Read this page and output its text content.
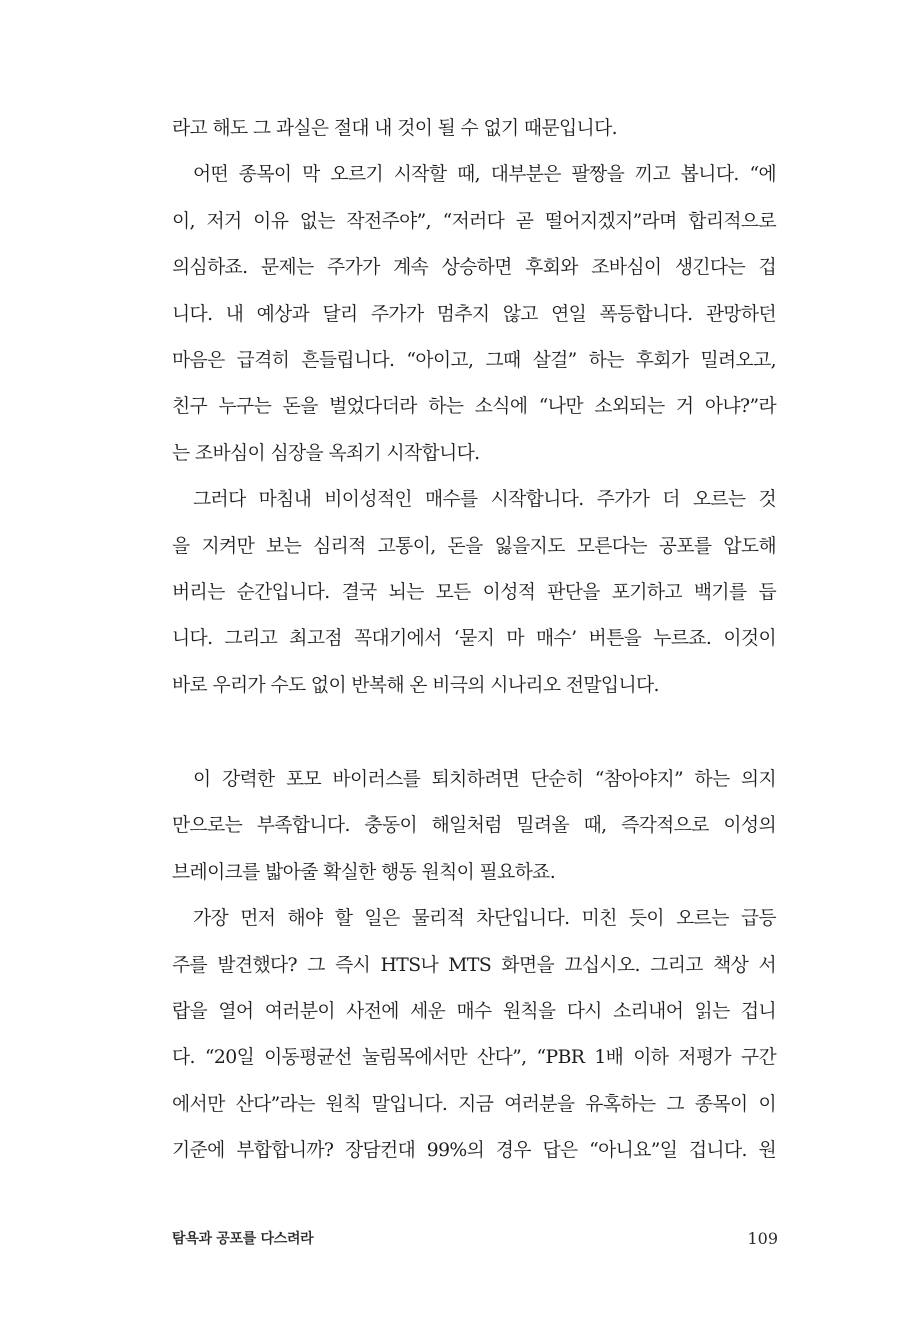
라고 해도 그 과실은 절대 내 것이 될 수 없기 때문입니다.
어떤 종목이 막 오르기 시작할 때, 대부분은 팔짱을 끼고 봅니다. “에
이, 저거 이유 없는 작전주야”, “저러다 곧 떨어지겠지”라며 합리적으로
의심하죠. 문제는 주가가 계속 상승하면 후회와 조바심이 생긴다는 겁
니다. 내 예상과 달리 주가가 멈추지 않고 연일 폭등합니다. 관망하던
마음은 급격히 흔들립니다. “아이고, 그때 살걸” 하는 후회가 밀려오고,
친구 누구는 돈을 벌었다더라 하는 소식에 “나만 소외되는 거 아냐?”라
는 조바심이 심장을 옥죄기 시작합니다.
그러다 마침내 비이성적인 매수를 시작합니다. 주가가 더 오르는 것
을 지켜만 보는 심리적 고통이, 돈을 잃을지도 모른다는 공포를 압도해
버리는 순간입니다. 결국 뇌는 모든 이성적 판단을 포기하고 백기를 듭
니다. 그리고 최고점 꼭대기에서 ‘묻지 마 매수’ 버튼을 누르죠. 이것이
바로 우리가 수도 없이 반복해 온 비극의 시나리오 전말입니다.
이 강력한 포모 바이러스를 퇴치하려면 단순히 “참아야지” 하는 의지
만으로는 부족합니다. 충동이 해일처럼 밀려올 때, 즉각적으로 이성의
브레이크를 밟아줄 확실한 행동 원칙이 필요하죠.
가장 먼저 해야 할 일은 물리적 차단입니다. 미친 듯이 오르는 급등
주를 발견했다? 그 즉시 HTS나 MTS 화면을 끄십시오. 그리고 책상 서
랍을 열어 여러분이 사전에 세운 매수 원칙을 다시 소리내어 읽는 겁니
다. “20일 이동평균선 눌림목에서만 산다”, “PBR 1배 이하 저평가 구간
에서만 산다”라는 원칙 말입니다. 지금 여러분을 유혹하는 그 종목이 이
기준에 부합합니까? 장담컨대 99%의 경우 답은 “아니요”일 겁니다. 원
탐욕과 공포를 다스려라	109
